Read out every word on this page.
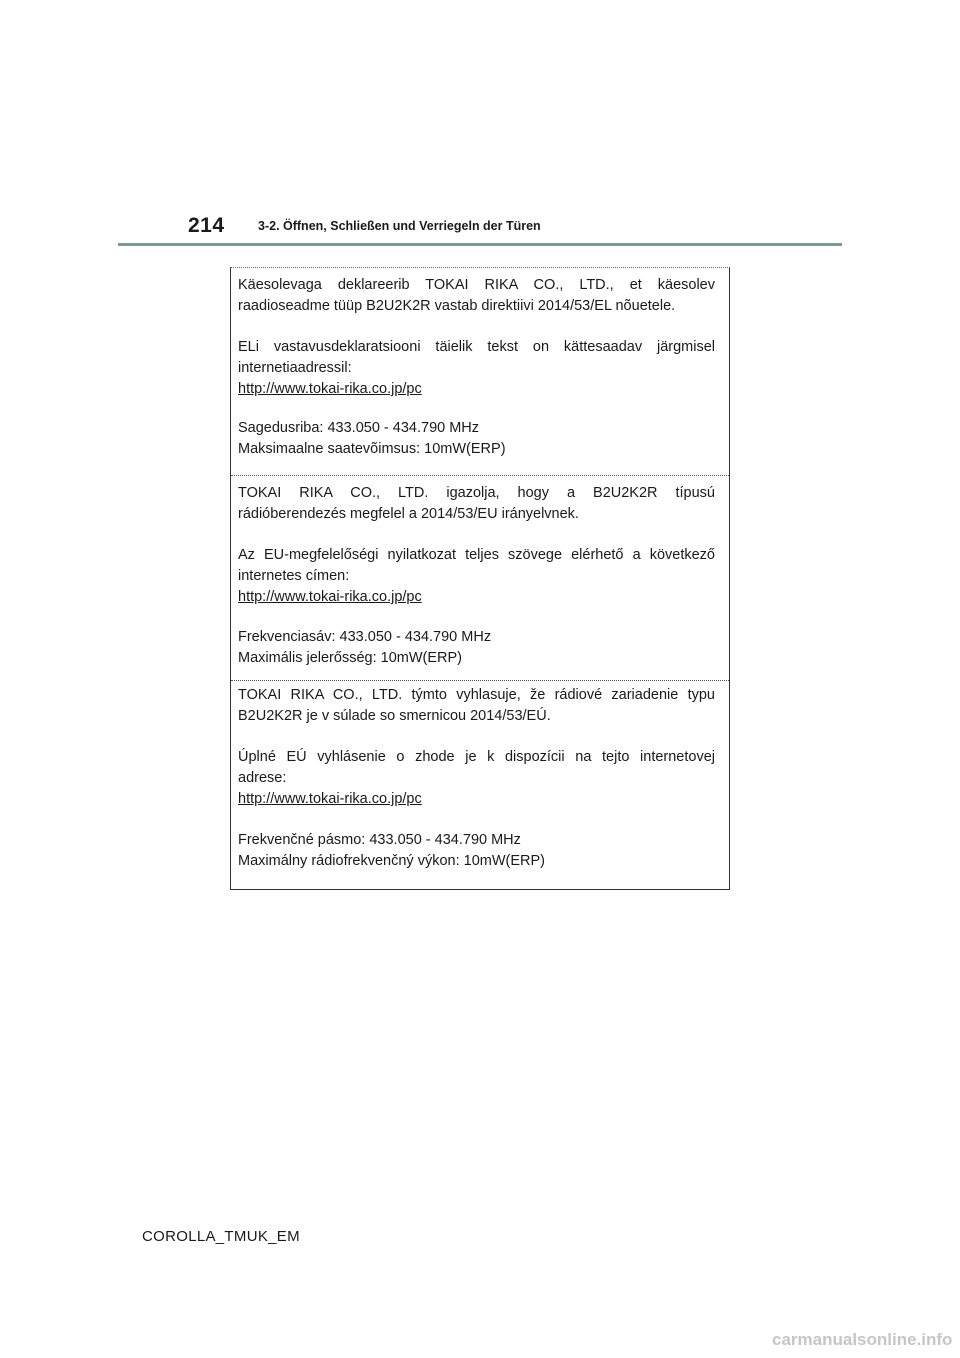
214	3-2. Öffnen, Schließen und Verriegeln der Türen

Käesolevaga deklareerib TOKAI RIKA CO., LTD., et käesolev

raadioseadme tüüp B2U2K2R vastab direktiivi 2014/53/EL nõuetele.

ELi vastavusdeklaratsiooni täielik tekst on kättesaadav järgmisel

internetiaadressil:

http://www.tokai-rika.co.jp/pc

Sagedusriba: 433.050 - 434.790 MHz

Maksimaalne saatevõimsus: 10mW(ERP)

TOKAI RIKA CO., LTD. igazolja, hogy a B2U2K2R típusú

rádióberendezés megfelel a 2014/53/EU irányelvnek.

Az EU-megfelelőségi nyilatkozat teljes szövege elérhető a következő

internetes címen:

http://www.tokai-rika.co.jp/pc

Frekvenciasáv: 433.050 - 434.790 MHz

Maximális jelerősség: 10mW(ERP)

TOKAI RIKA CO., LTD. týmto vyhlasuje, že rádiové zariadenie typu

B2U2K2R je v súlade so smernicou 2014/53/EÚ.

Úplné EÚ vyhlásenie o zhode je k dispozícii na tejto internetovej

adrese:

http://www.tokai-rika.co.jp/pc

Frekvenčné pásmo: 433.050 - 434.790 MHz

Maximálny rádiofrekvenčný výkon: 10mW(ERP)

COROLLA_TMUK_EM
carmanualsonline.info
